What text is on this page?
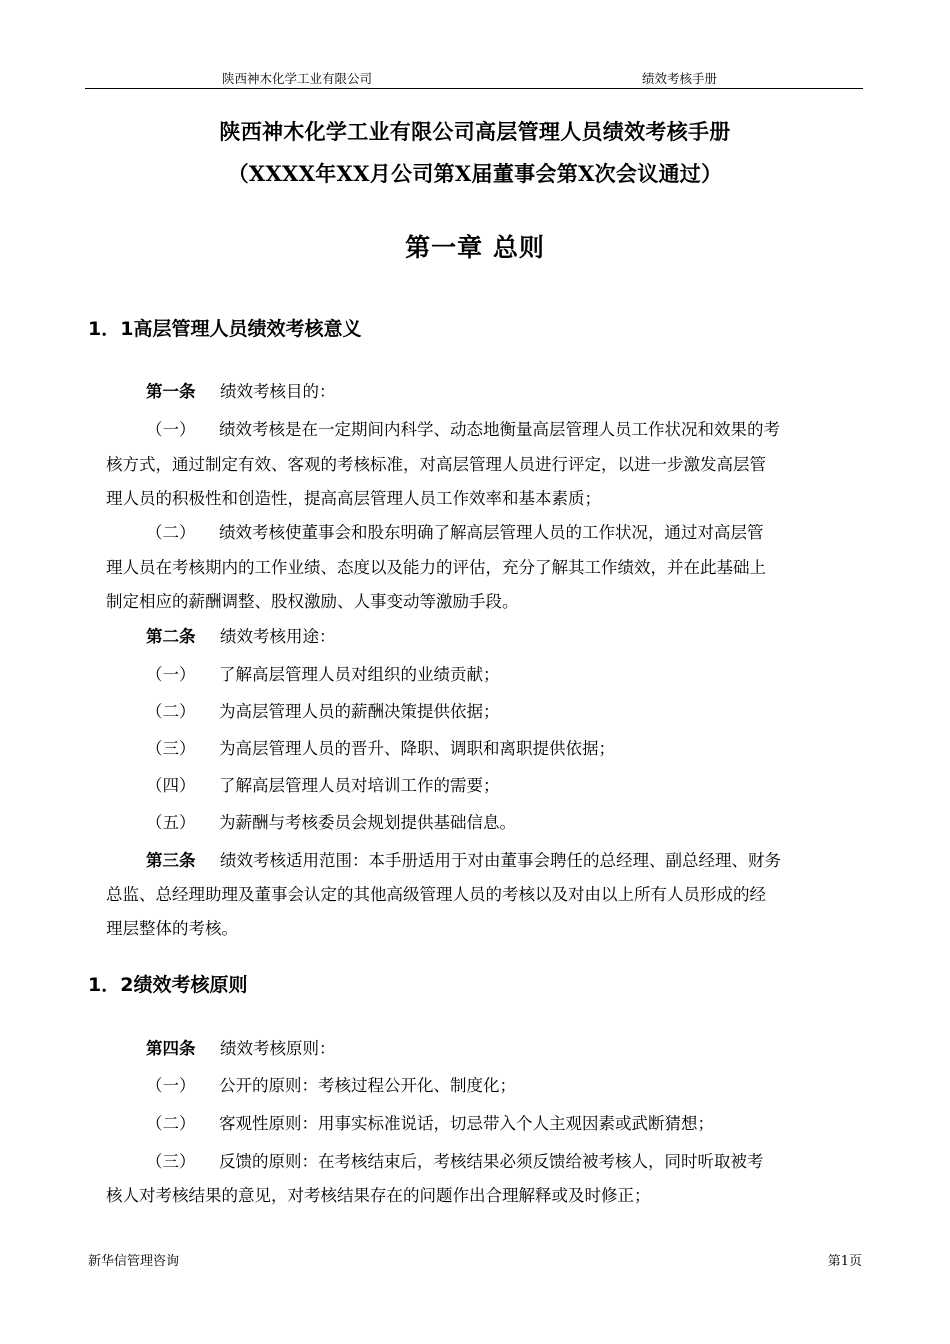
陕西神木化学工业有限公司	绩效考核手册
陕西神木化学工业有限公司高层管理人员绩效考核手册
（XXXX年XX月公司第X届董事会第X次会议通过）
第一章 总则
1．1高层管理人员绩效考核意义
第一条 绩效考核目的：
（一） 绩效考核是在一定期间内科学、动态地衡量高层管理人员工作状况和效果的考
核方式，通过制定有效、客观的考核标准，对高层管理人员进行评定，以进一步激发高层管
理人员的积极性和创造性，提高高层管理人员工作效率和基本素质；
（二） 绩效考核使董事会和股东明确了解高层管理人员的工作状况，通过对高层管
理人员在考核期内的工作业绩、态度以及能力的评估，充分了解其工作绩效，并在此基础上
制定相应的薪酬调整、股权激励、人事变动等激励手段。
第二条 绩效考核用途：
（一） 了解高层管理人员对组织的业绩贡献；
（二） 为高层管理人员的薪酬决策提供依据；
（三） 为高层管理人员的晋升、降职、调职和离职提供依据；
（四） 了解高层管理人员对培训工作的需要；
（五） 为薪酬与考核委员会规划提供基础信息。
第三条 绩效考核适用范围：本手册适用于对由董事会聘任的总经理、副总经理、财务
总监、总经理助理及董事会认定的其他高级管理人员的考核以及对由以上所有人员形成的经
理层整体的考核。
1．2绩效考核原则
第四条 绩效考核原则：
（一） 公开的原则：考核过程公开化、制度化；
（二） 客观性原则：用事实标准说话，切忌带入个人主观因素或武断猜想；
（三） 反馈的原则：在考核结束后，考核结果必须反馈给被考核人，同时听取被考
核人对考核结果的意见，对考核结果存在的问题作出合理解释或及时修正；
新华信管理咨询	第1页
